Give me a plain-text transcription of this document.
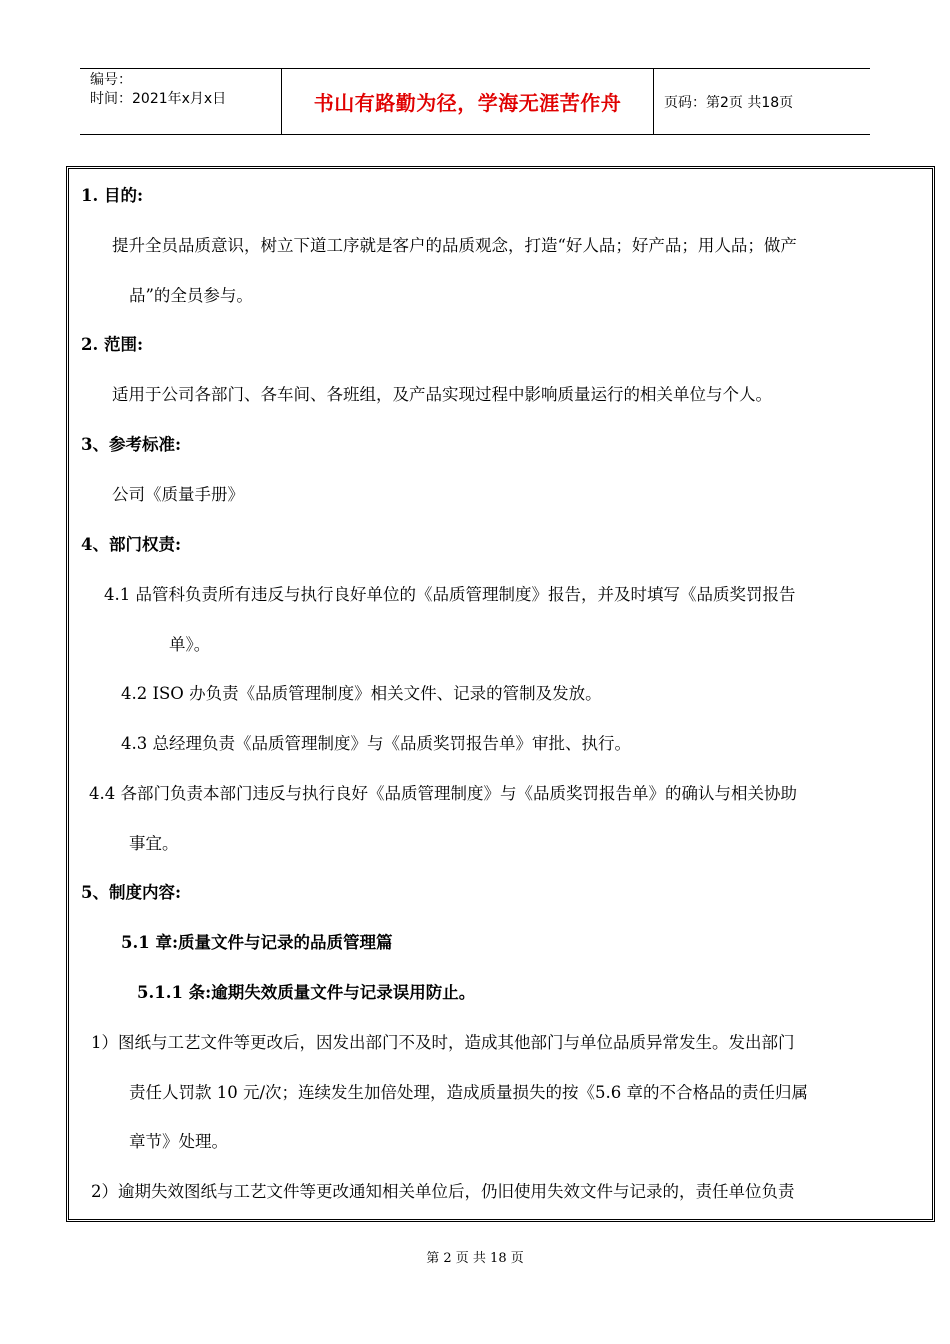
编号：
时间：2021年x月x日	书山有路勤为径，学海无涯苦作舟	页码：第2页 共18页
1. 目的:
提升全员品质意识，树立下道工序就是客户的品质观念，打造“好人品；好产品；用人品；做产
品”的全员参与。
2. 范围:
适用于公司各部门、各车间、各班组，及产品实现过程中影响质量运行的相关单位与个人。
3、参考标准:
公司《质量手册》
4、部门权责:
4.1 品管科负责所有违反与执行良好单位的《品质管理制度》报告，并及时填写《品质奖罚报告
单》。
4.2 ISO 办负责《品质管理制度》相关文件、记录的管制及发放。
4.3 总经理负责《品质管理制度》与《品质奖罚报告单》审批、执行。
4.4 各部门负责本部门违反与执行良好《品质管理制度》与《品质奖罚报告单》的确认与相关协助
事宜。
5、制度内容:
5.1 章:质量文件与记录的品质管理篇
5.1.1 条:逾期失效质量文件与记录误用防止。
1）图纸与工艺文件等更改后，因发出部门不及时，造成其他部门与单位品质异常发生。发出部门
责任人罚款 10 元/次；连续发生加倍处理，造成质量损失的按《5.6 章的不合格品的责任归属
章节》处理。
2）逾期失效图纸与工艺文件等更改通知相关单位后，仍旧使用失效文件与记录的，责任单位负责
第 2 页 共 18 页
